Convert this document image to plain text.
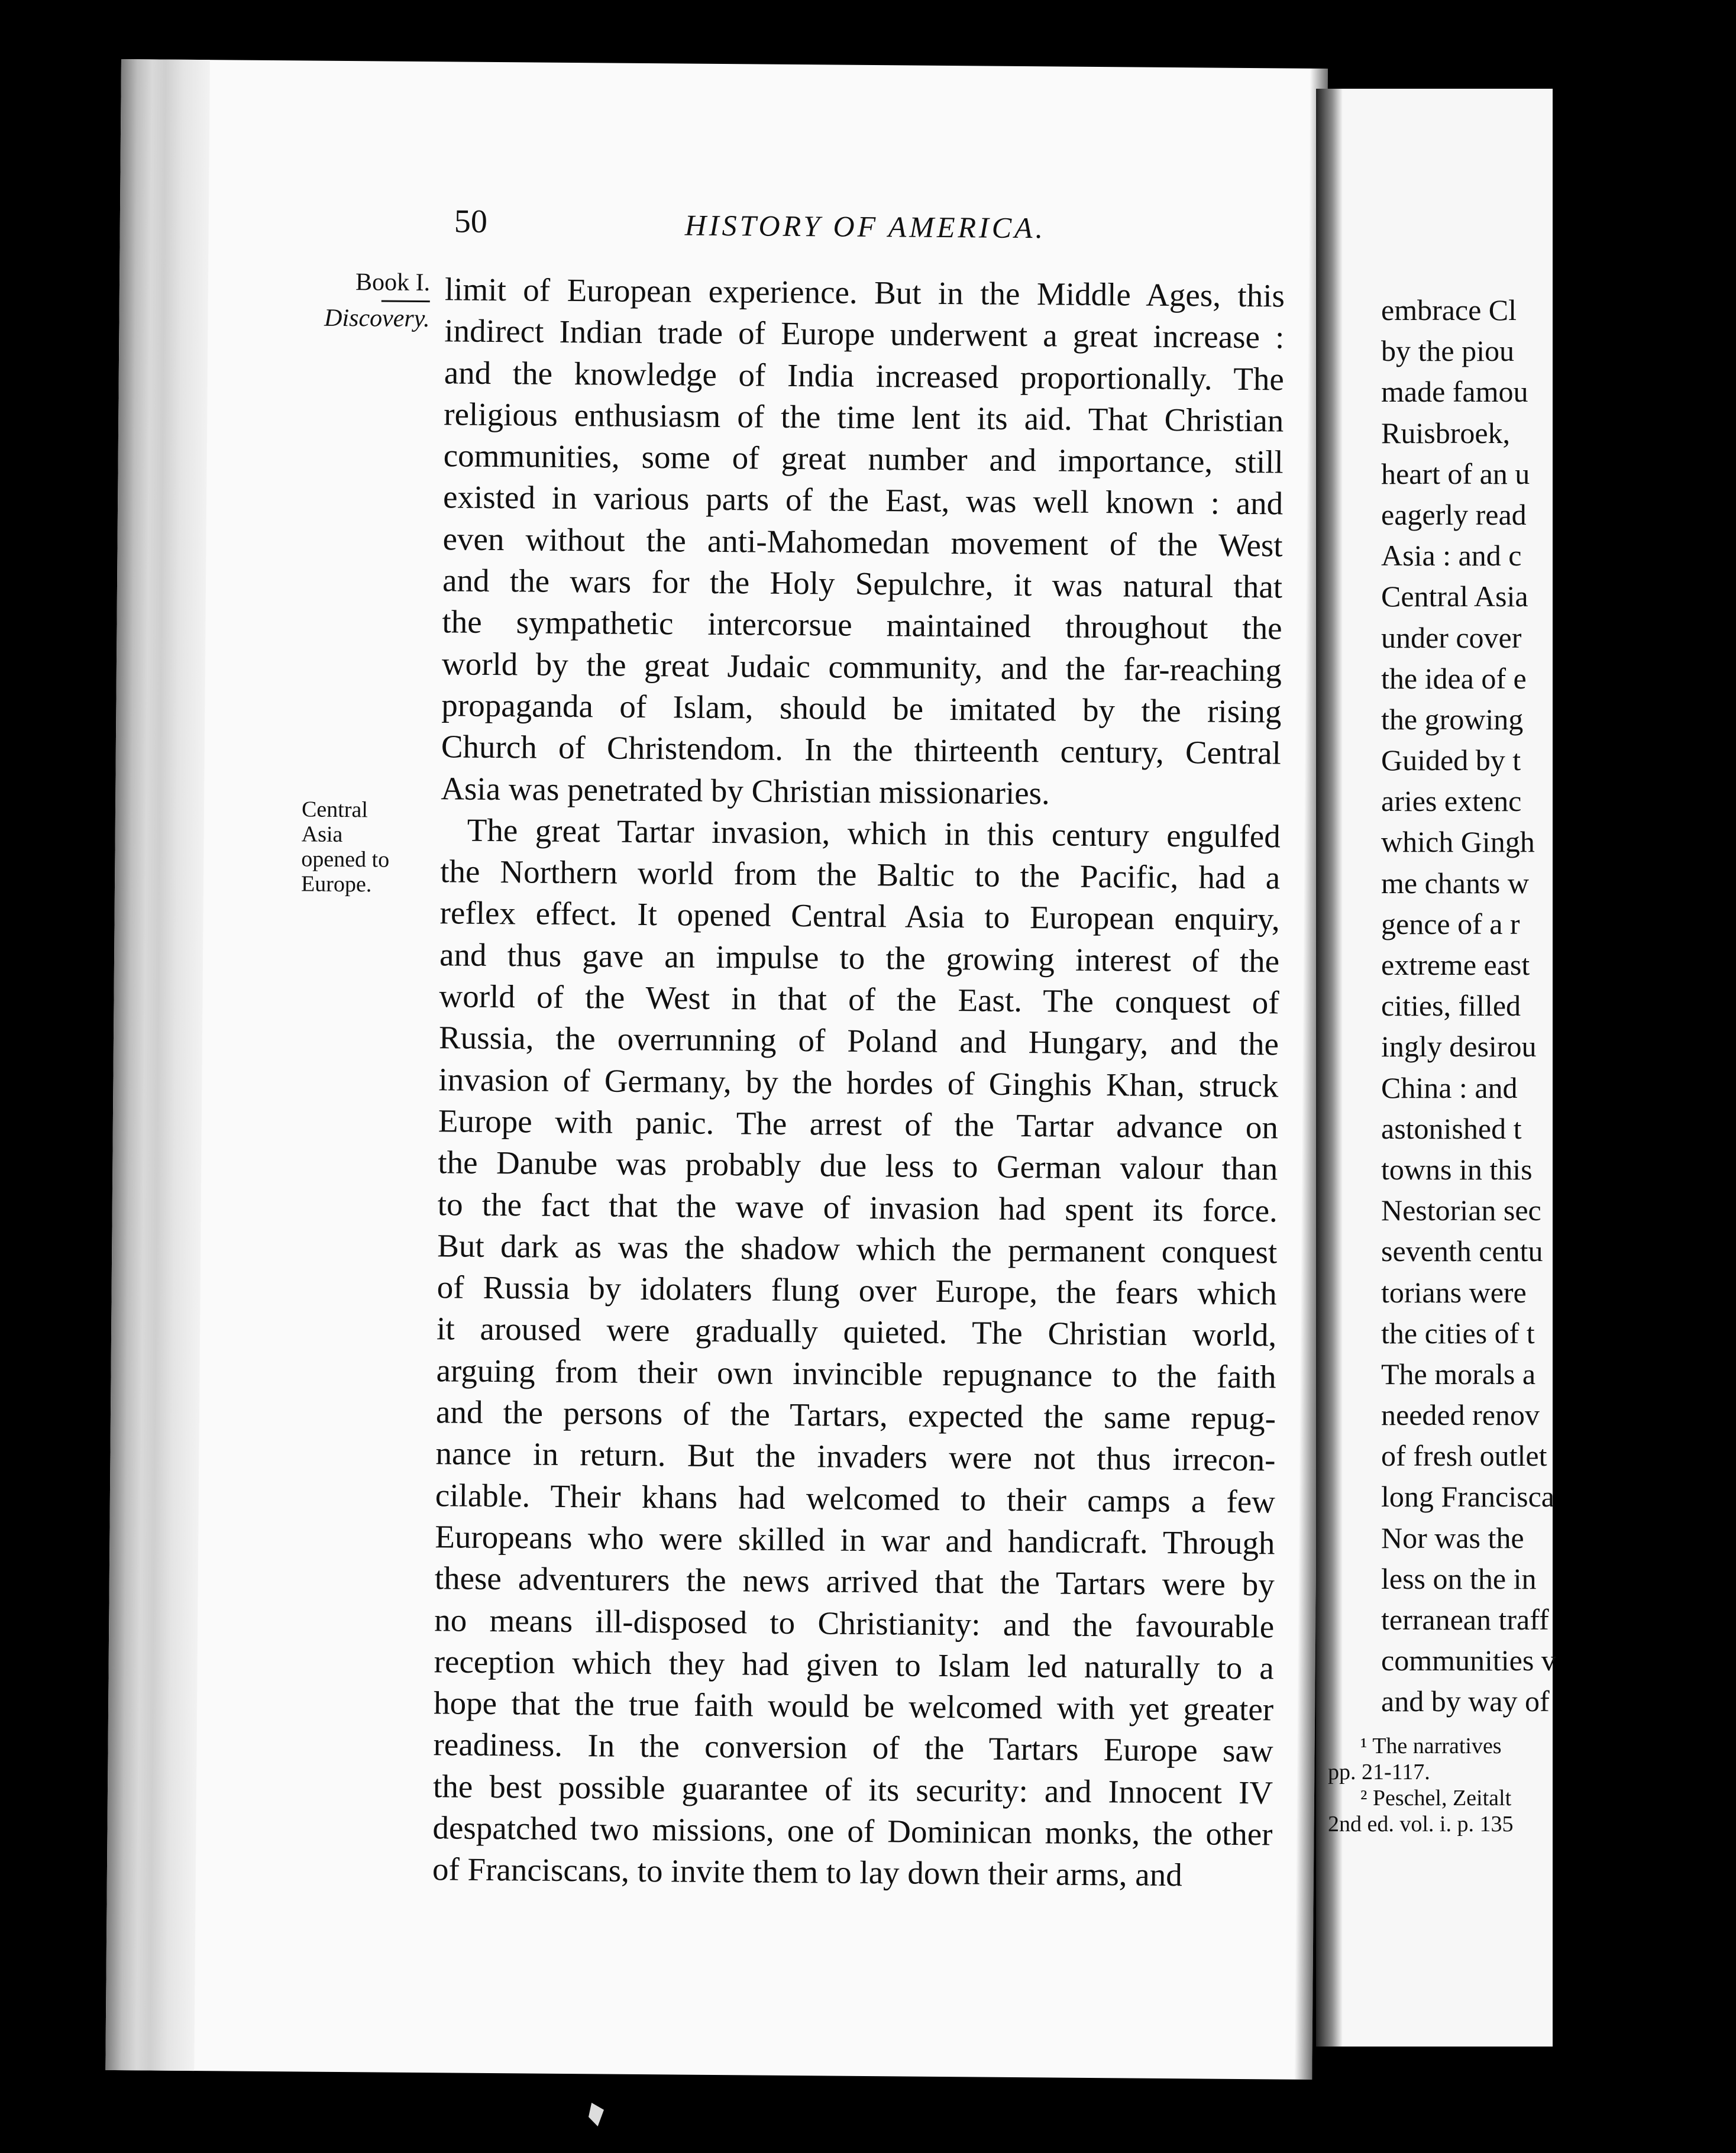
50	HISTORY OF AMERICA.
Book I.
Discovery.
Central
Asia
opened to
Europe.
limit of European experience. But in the Middle Ages, this
indirect Indian trade of Europe underwent a great increase :
and the knowledge of India increased proportionally. The
religious enthusiasm of the time lent its aid. That Christian
communities, some of great number and importance, still
existed in various parts of the East, was well known : and
even without the anti-Mahomedan movement of the West
and the wars for the Holy Sepulchre, it was natural that
the sympathetic intercorsue maintained throughout the
world by the great Judaic community, and the far-reaching
propaganda of Islam, should be imitated by the rising
Church of Christendom. In the thirteenth century, Central
Asia was penetrated by Christian missionaries.
The great Tartar invasion, which in this century engulfed
the Northern world from the Baltic to the Pacific, had a
reflex effect. It opened Central Asia to European enquiry,
and thus gave an impulse to the growing interest of the
world of the West in that of the East. The conquest of
Russia, the overrunning of Poland and Hungary, and the
invasion of Germany, by the hordes of Ginghis Khan, struck
Europe with panic. The arrest of the Tartar advance on
the Danube was probably due less to German valour than
to the fact that the wave of invasion had spent its force.
But dark as was the shadow which the permanent conquest
of Russia by idolaters flung over Europe, the fears which
it aroused were gradually quieted. The Christian world,
arguing from their own invincible repugnance to the faith
and the persons of the Tartars, expected the same repug-
nance in return. But the invaders were not thus irrecon-
cilable. Their khans had welcomed to their camps a few
Europeans who were skilled in war and handicraft. Through
these adventurers the news arrived that the Tartars were by
no means ill-disposed to Christianity: and the favourable
reception which they had given to Islam led naturally to a
hope that the true faith would be welcomed with yet greater
readiness. In the conversion of the Tartars Europe saw
the best possible guarantee of its security: and Innocent IV
despatched two missions, one of Dominican monks, the other
of Franciscans, to invite them to lay down their arms, and
embrace Cl
by the piou
made famou
Ruisbroek,
heart of an u
eagerly read
Asia : and c
Central Asia
under cover
the idea of e
the growing
Guided by t
aries extenc
which Gingh
me chants w
gence of a r
extreme east
cities, filled
ingly desirou
China : and
astonished t
towns in this
Nestorian sec
seventh centu
torians were
the cities of t
The morals a
needed renov
of fresh outlet
long Francisca
Nor was the
less on the in
terranean traff
communities v
and by way of
¹ The narratives
pp. 21-117.
² Peschel, Zeitalt
2nd ed. vol. i. p. 135
